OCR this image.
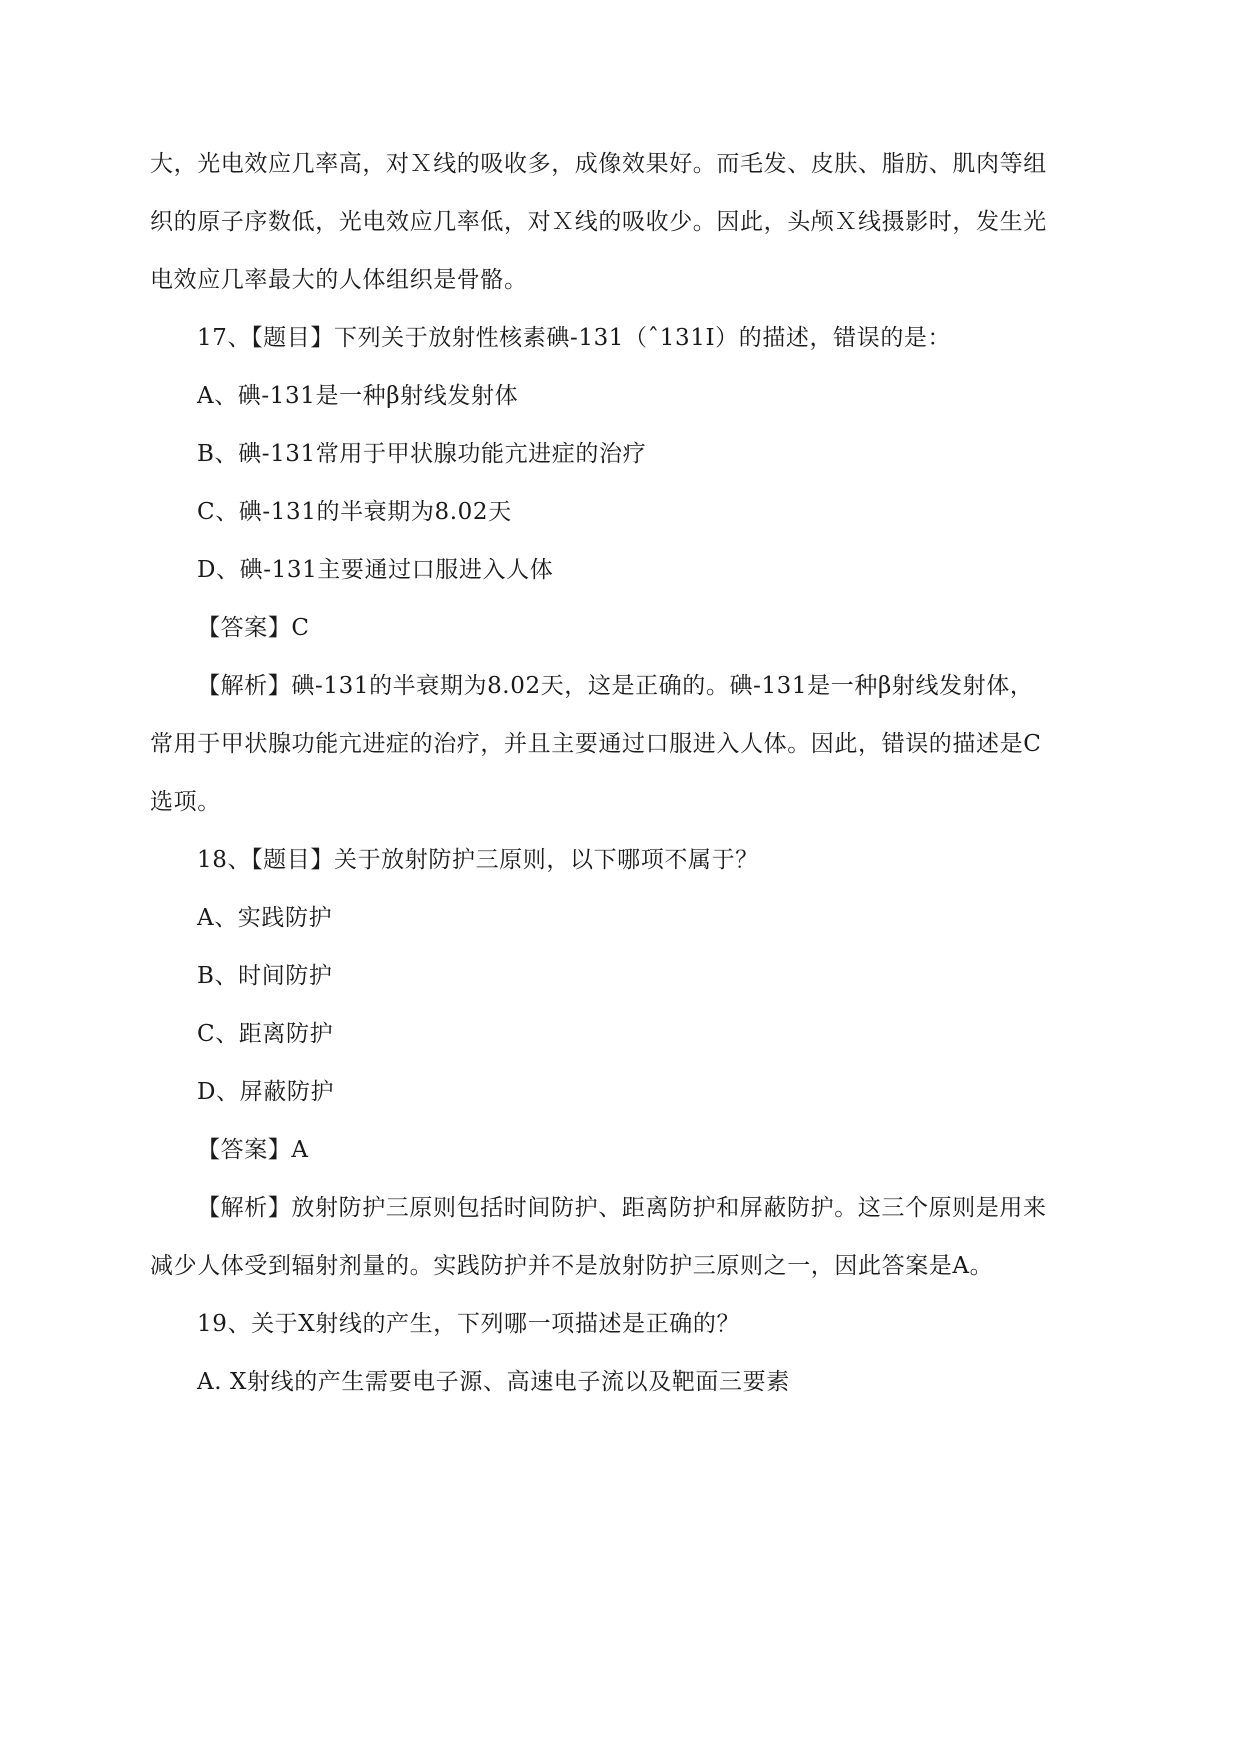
大，光电效应几率高，对Ｘ线的吸收多，成像效果好。而毛发、皮肤、脂肪、肌肉等组
织的原子序数低，光电效应几率低，对Ｘ线的吸收少。因此，头颅Ｘ线摄影时，发生光
电效应几率最大的人体组织是骨骼。
17、【题目】下列关于放射性核素碘-131（ˆ131I）的描述，错误的是：
A、碘-131是一种β射线发射体
B、碘-131常用于甲状腺功能亢进症的治疗
C、碘-131的半衰期为8.02天
D、碘-131主要通过口服进入人体
【答案】C
【解析】碘-131的半衰期为8.02天，这是正确的。碘-131是一种β射线发射体，
常用于甲状腺功能亢进症的治疗，并且主要通过口服进入人体。因此，错误的描述是C
选项。
18、【题目】关于放射防护三原则，以下哪项不属于？
A、实践防护
B、时间防护
C、距离防护
D、屏蔽防护
【答案】A
【解析】放射防护三原则包括时间防护、距离防护和屏蔽防护。这三个原则是用来
减少人体受到辐射剂量的。实践防护并不是放射防护三原则之一，因此答案是A。
19、关于X射线的产生，下列哪一项描述是正确的？
A. X射线的产生需要电子源、高速电子流以及靶面三要素
